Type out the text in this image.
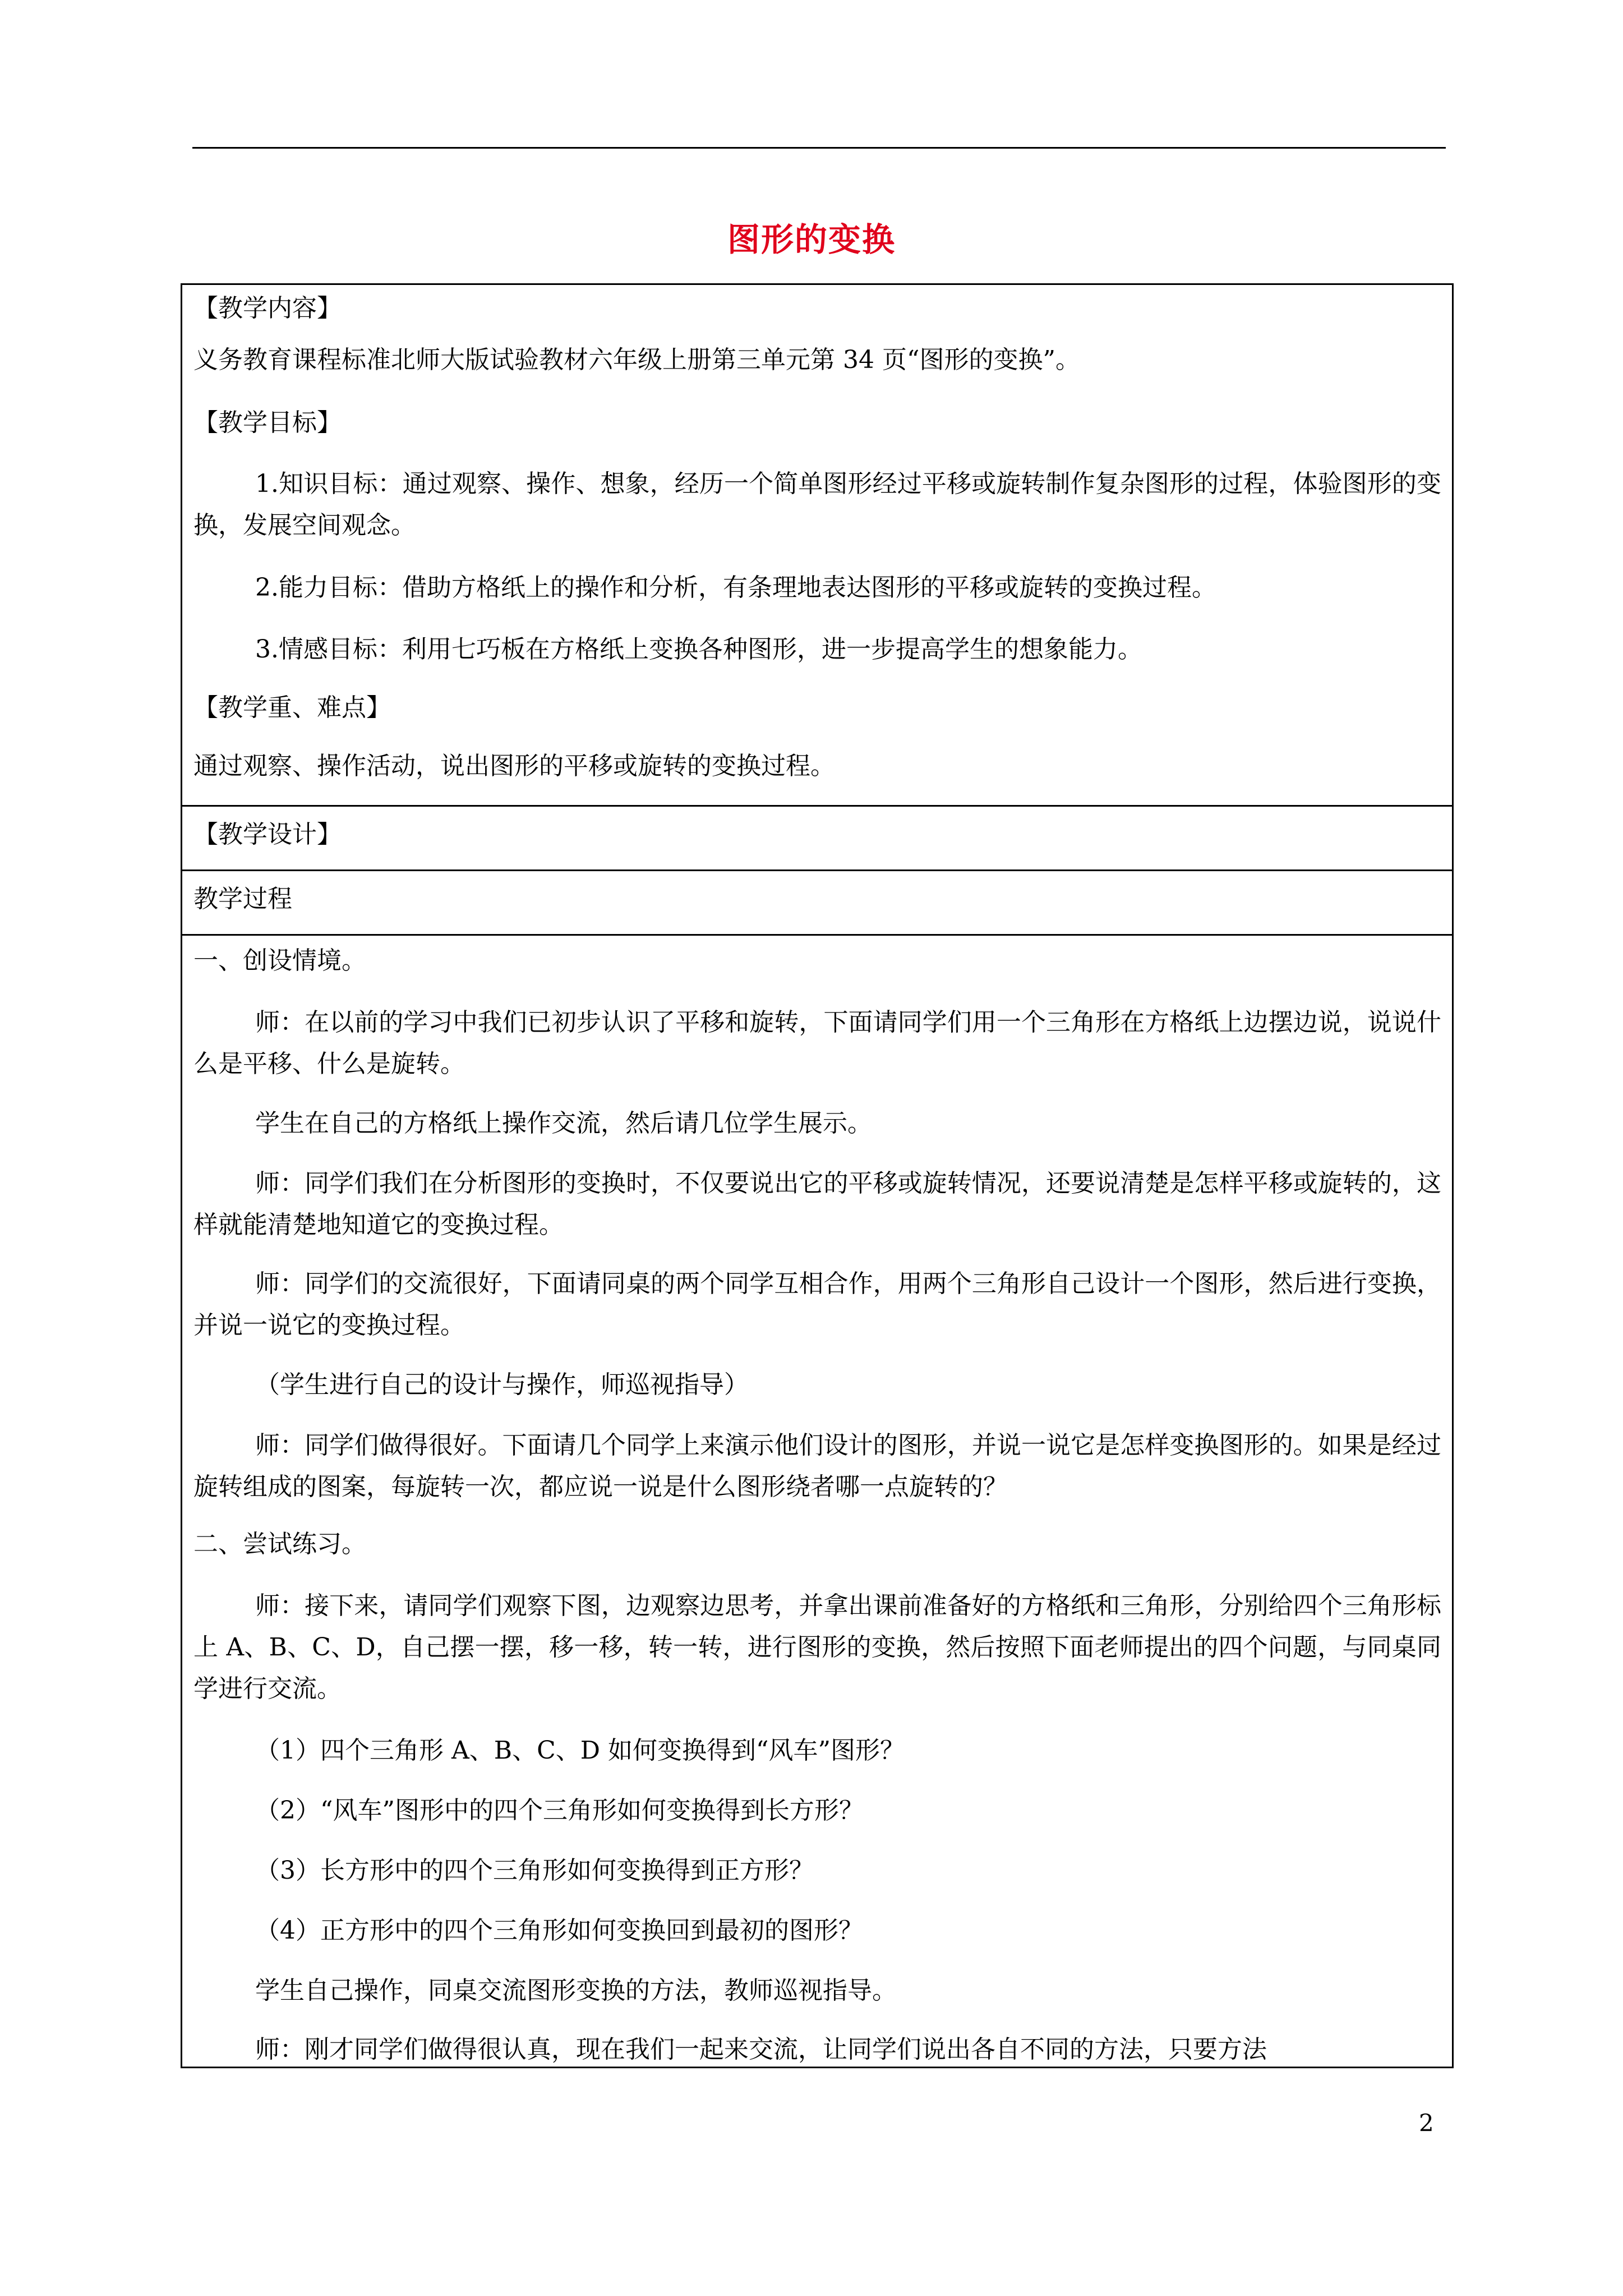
图形的变换

【教学内容】

义务教育课程标准北师大版试验教材六年级上册第三单元第 34 页“图形的变换”。

【教学目标】

1.知识目标：通过观察、操作、想象，经历一个简单图形经过平移或旋转制作复杂图形的过程，体验图形的变换，发展空间观念。

2.能力目标：借助方格纸上的操作和分析，有条理地表达图形的平移或旋转的变换过程。

3.情感目标：利用七巧板在方格纸上变换各种图形，进一步提高学生的想象能力。

【教学重、难点】

通过观察、操作活动，说出图形的平移或旋转的变换过程。

【教学设计】

教学过程

一、创设情境。

师：在以前的学习中我们已初步认识了平移和旋转，下面请同学们用一个三角形在方格纸上边摆边说，说说什么是平移、什么是旋转。

学生在自己的方格纸上操作交流，然后请几位学生展示。

师：同学们我们在分析图形的变换时，不仅要说出它的平移或旋转情况，还要说清楚是怎样平移或旋转的，这样就能清楚地知道它的变换过程。

师：同学们的交流很好，下面请同桌的两个同学互相合作，用两个三角形自己设计一个图形，然后进行变换，并说一说它的变换过程。

（学生进行自己的设计与操作，师巡视指导）

师：同学们做得很好。下面请几个同学上来演示他们设计的图形，并说一说它是怎样变换图形的。如果是经过旋转组成的图案，每旋转一次，都应说一说是什么图形绕者哪一点旋转的？

二、尝试练习。

师：接下来，请同学们观察下图，边观察边思考，并拿出课前准备好的方格纸和三角形，分别给四个三角形标上 A、B、C、D，自己摆一摆，移一移，转一转，进行图形的变换，然后按照下面老师提出的四个问题，与同桌同学进行交流。

（1）四个三角形 A、B、C、D 如何变换得到“风车”图形？

（2）“风车”图形中的四个三角形如何变换得到长方形？

（3）长方形中的四个三角形如何变换得到正方形？

（4）正方形中的四个三角形如何变换回到最初的图形？

学生自己操作，同桌交流图形变换的方法，教师巡视指导。

师：刚才同学们做得很认真，现在我们一起来交流，让同学们说出各自不同的方法，只要方法

2
